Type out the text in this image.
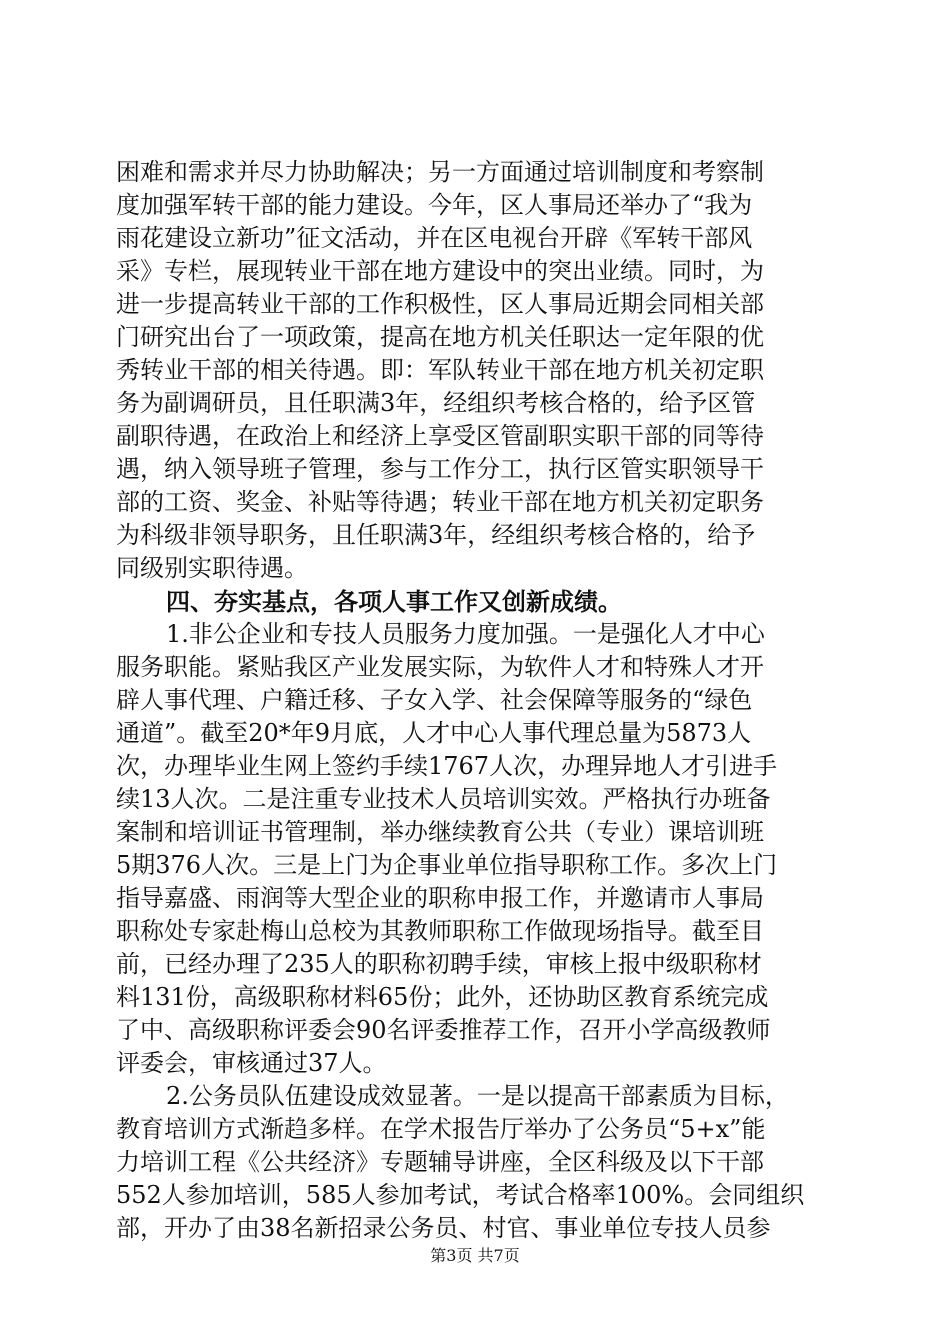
困难和需求并尽力协助解决；另一方面通过培训制度和考察制
度加强军转干部的能力建设。今年，区人事局还举办了“我为
雨花建设立新功”征文活动，并在区电视台开辟《军转干部风
采》专栏，展现转业干部在地方建设中的突出业绩。同时，为
进一步提高转业干部的工作积极性，区人事局近期会同相关部
门研究出台了一项政策，提高在地方机关任职达一定年限的优
秀转业干部的相关待遇。即：军队转业干部在地方机关初定职
务为副调研员，且任职满3年，经组织考核合格的，给予区管
副职待遇，在政治上和经济上享受区管副职实职干部的同等待
遇，纳入领导班子管理，参与工作分工，执行区管实职领导干
部的工资、奖金、补贴等待遇；转业干部在地方机关初定职务
为科级非领导职务，且任职满3年，经组织考核合格的，给予
同级别实职待遇。
四、夯实基点，各项人事工作又创新成绩。
1.非公企业和专技人员服务力度加强。一是强化人才中心
服务职能。紧贴我区产业发展实际，为软件人才和特殊人才开
辟人事代理、户籍迁移、子女入学、社会保障等服务的“绿色
通道”。截至20*年9月底，人才中心人事代理总量为5873人
次，办理毕业生网上签约手续1767人次，办理异地人才引进手
续13人次。二是注重专业技术人员培训实效。严格执行办班备
案制和培训证书管理制，举办继续教育公共（专业）课培训班
5期376人次。三是上门为企事业单位指导职称工作。多次上门
指导嘉盛、雨润等大型企业的职称申报工作，并邀请市人事局
职称处专家赴梅山总校为其教师职称工作做现场指导。截至目
前，已经办理了235人的职称初聘手续，审核上报中级职称材
料131份，高级职称材料65份；此外，还协助区教育系统完成
了中、高级职称评委会90名评委推荐工作，召开小学高级教师
评委会，审核通过37人。
2.公务员队伍建设成效显著。一是以提高干部素质为目标，
教育培训方式渐趋多样。在学术报告厅举办了公务员“5+x”能
力培训工程《公共经济》专题辅导讲座，全区科级及以下干部
552人参加培训，585人参加考试，考试合格率100%。会同组织
部，开办了由38名新招录公务员、村官、事业单位专技人员参
第3页 共7页
